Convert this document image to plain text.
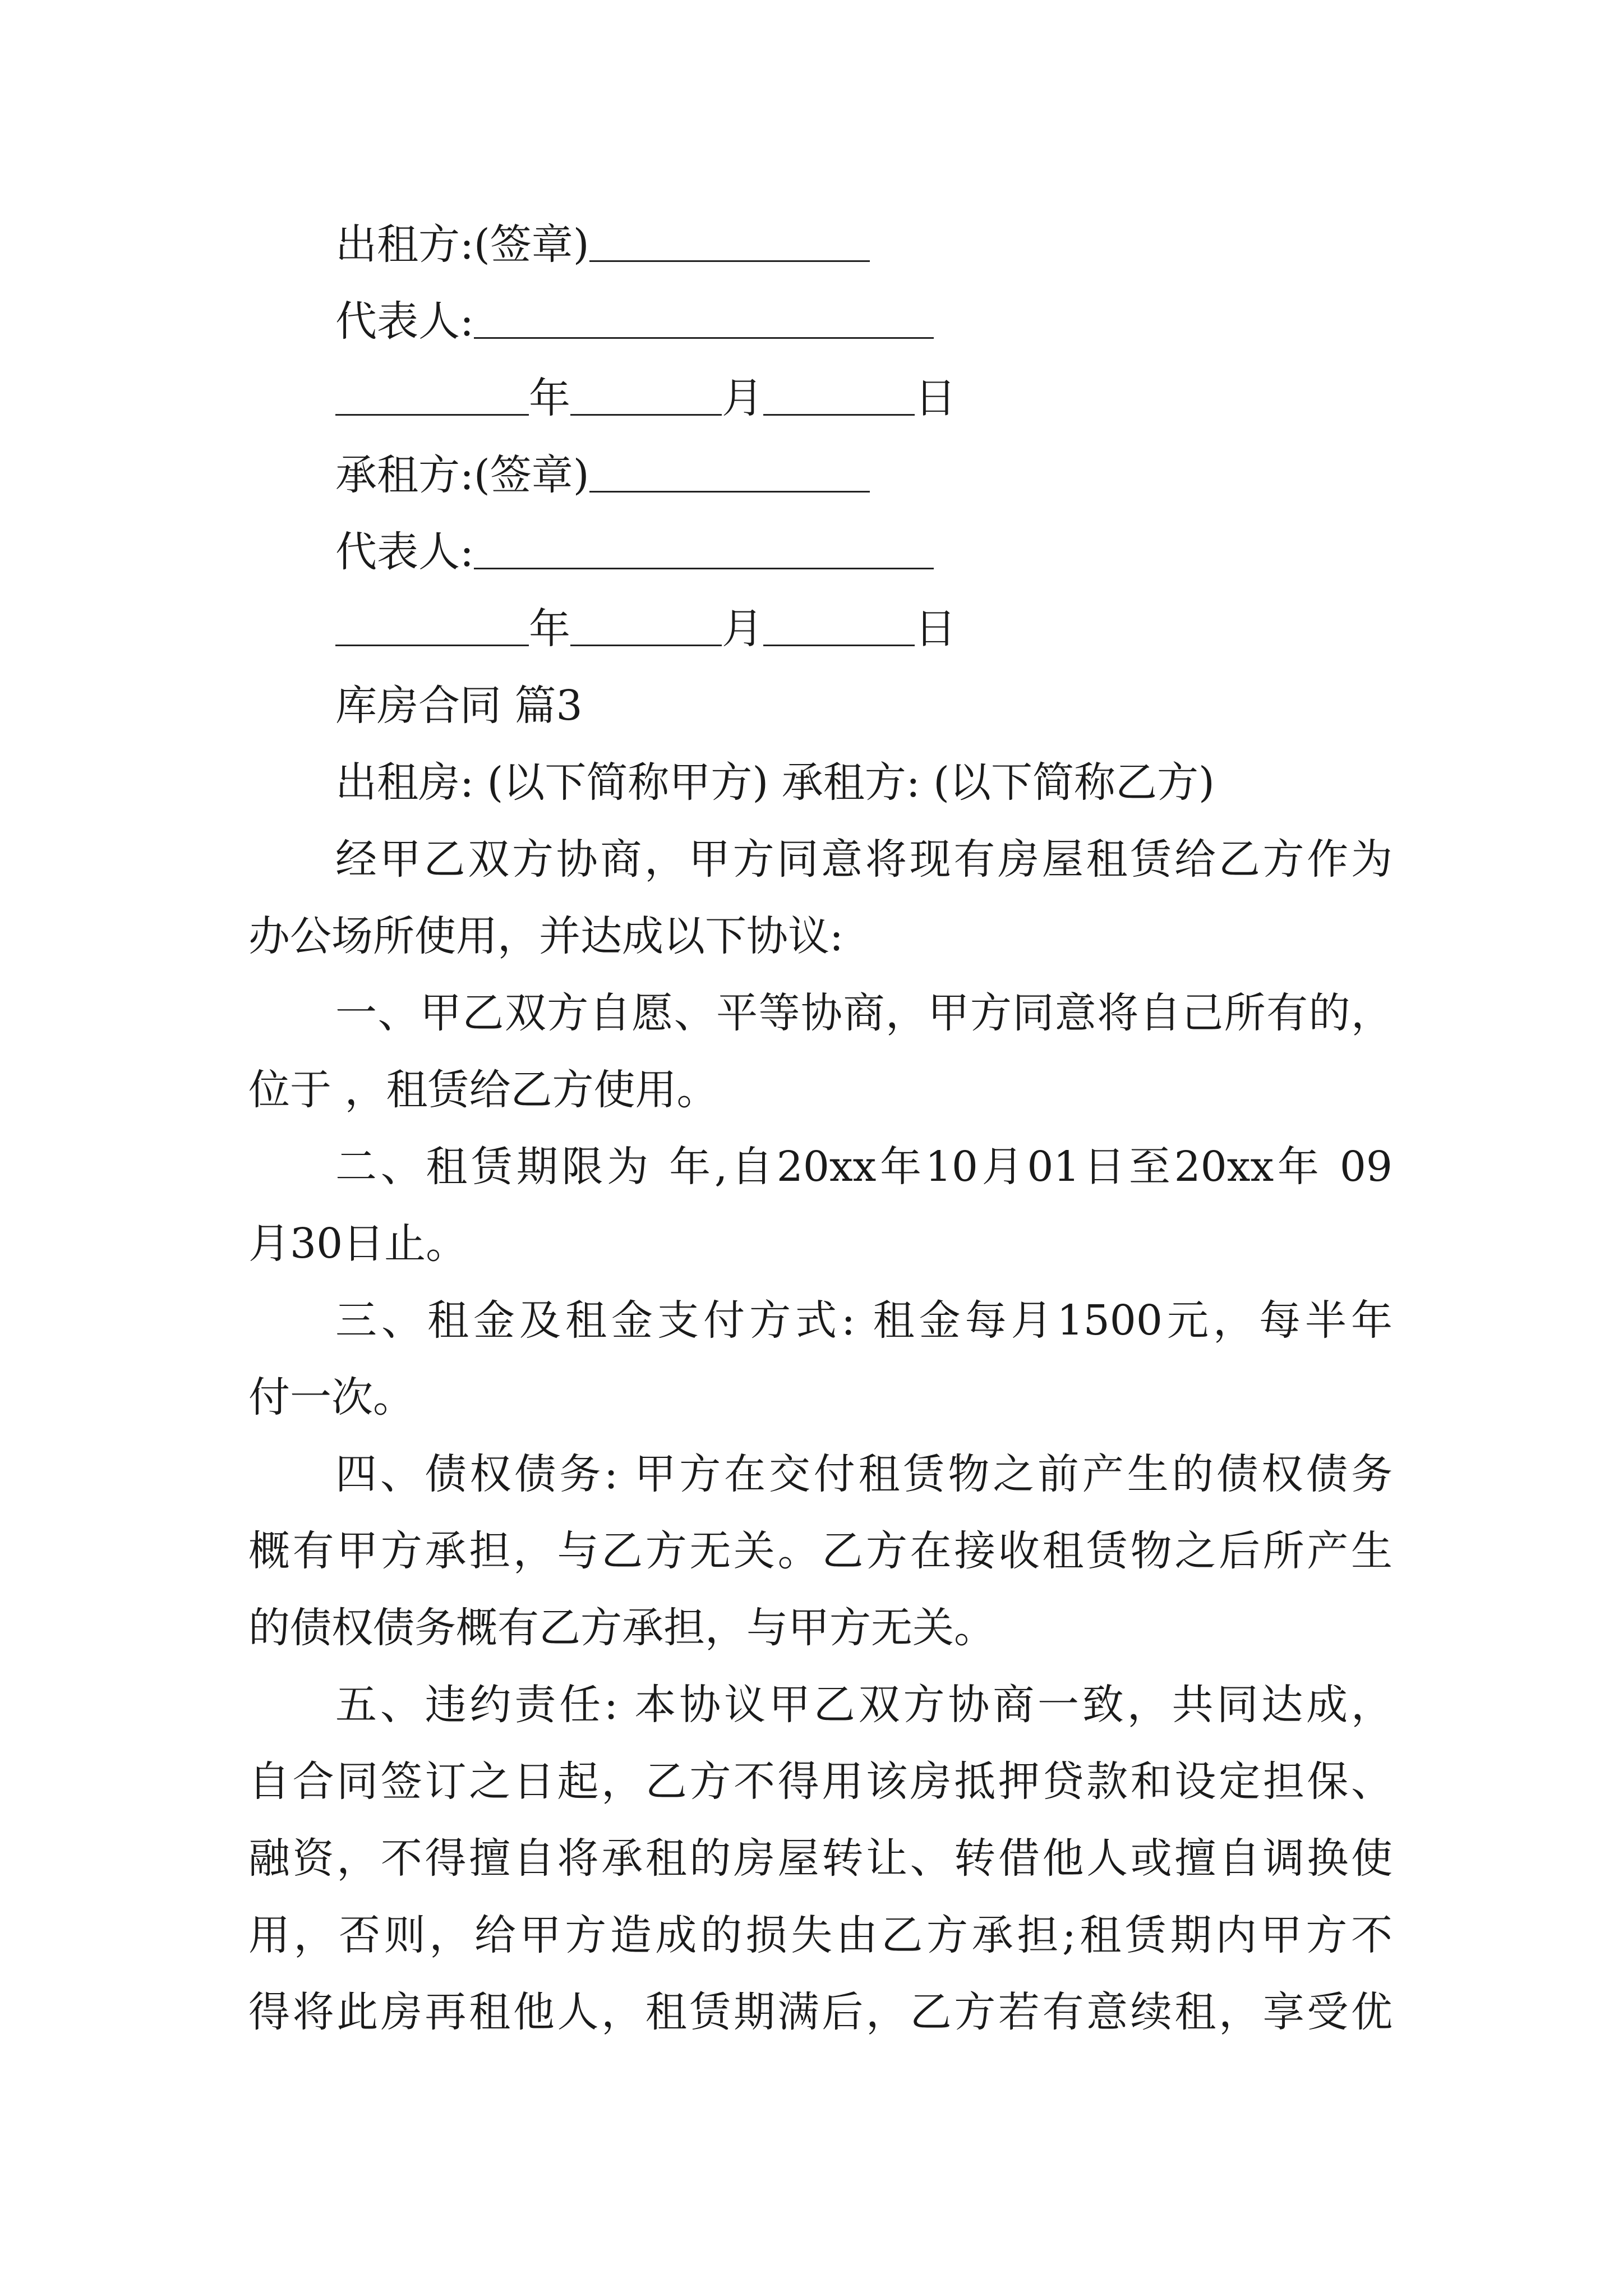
出租方:(签章)
代表人:
年	月	日
承租方:(签章)
代表人:
年	月	日
库房合同 篇3
出租房: (以下简称甲方) 承租方: (以下简称乙方)
经甲乙双方协商，甲方同意将现有房屋租赁给乙方作为
办公场所使用，并达成以下协议:
一、甲乙双方自愿、平等协商，甲方同意将自己所有的，
位于 ，租赁给乙方使用。
二、租赁期限为 年,自20xx年10月01日至20xx年 09
月30日止。
三、租金及租金支付方式: 租金每月1500元，每半年
付一次。
四、债权债务: 甲方在交付租赁物之前产生的债权债务
概有甲方承担，与乙方无关。乙方在接收租赁物之后所产生
的债权债务概有乙方承担，与甲方无关。
五、违约责任: 本协议甲乙双方协商一致，共同达成，
自合同签订之日起，乙方不得用该房抵押贷款和设定担保、
融资，不得擅自将承租的房屋转让、转借他人或擅自调换使
用，否则，给甲方造成的损失由乙方承担;租赁期内甲方不
得将此房再租他人，租赁期满后，乙方若有意续租，享受优
